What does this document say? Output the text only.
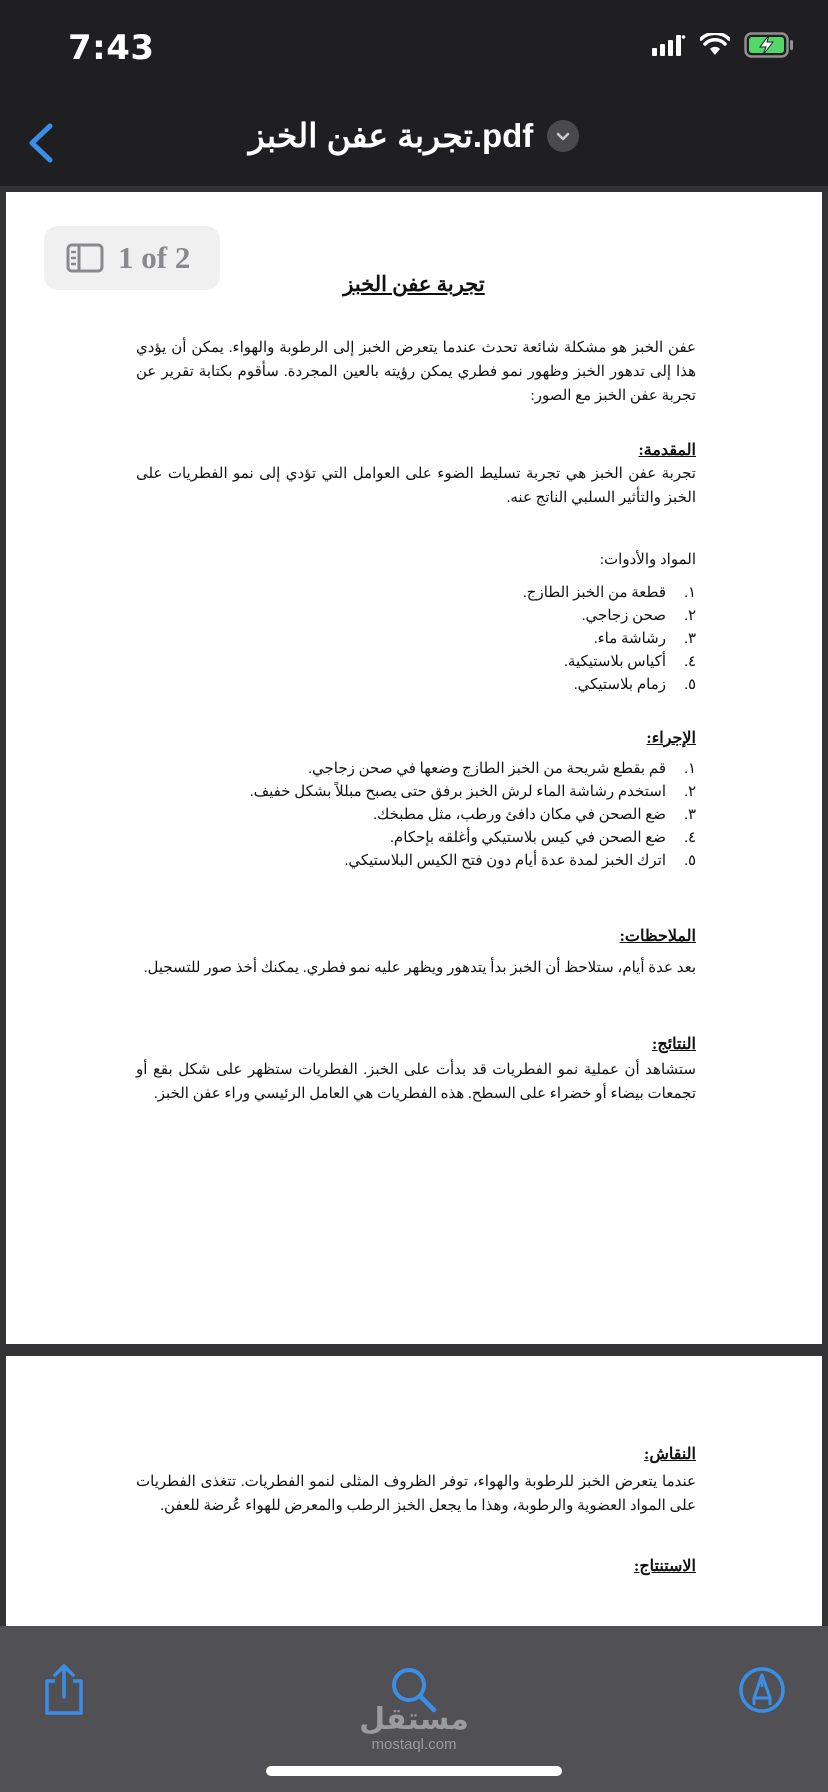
7:43
تجربة عفن الخبز.pdf
1 of 2
تجربة عفن الخبز
عفن الخبز هو مشكلة شائعة تحدث عندما يتعرض الخبز إلى الرطوبة والهواء. يمكن أن يؤدي هذا إلى تدهور الخبز وظهور نمو فطري يمكن رؤيته بالعين المجردة. سأقوم بكتابة تقرير عن تجربة عفن الخبز مع الصور:
المقدمة:
تجربة عفن الخبز هي تجربة تسليط الضوء على العوامل التي تؤدي إلى نمو الفطريات على الخبز والتأثير السلبي الناتج عنه.
المواد والأدوات:
١.
قطعة من الخبز الطازج.
٢.
صحن زجاجي.
٣.
رشاشة ماء.
٤.
أكياس بلاستيكية.
٥.
زمام بلاستيكي.
الإجراء:
١.
قم بقطع شريحة من الخبز الطازج وضعها في صحن زجاجي.
٢.
استخدم رشاشة الماء لرش الخبز برفق حتى يصبح مبللاً بشكل خفيف.
٣.
ضع الصحن في مكان دافئ ورطب، مثل مطبخك.
٤.
ضع الصحن في كيس بلاستيكي وأغلقه بإحكام.
٥.
اترك الخبز لمدة عدة أيام دون فتح الكيس البلاستيكي.
الملاحظات:
بعد عدة أيام، ستلاحظ أن الخبز بدأ يتدهور ويظهر عليه نمو فطري. يمكنك أخذ صور للتسجيل.
النتائج:
ستشاهد أن عملية نمو الفطريات قد بدأت على الخبز. الفطريات ستظهر على شكل بقع أو تجمعات بيضاء أو خضراء على السطح. هذه الفطريات هي العامل الرئيسي وراء عفن الخبز.
النقاش:
عندما يتعرض الخبز للرطوبة والهواء، توفر الظروف المثلى لنمو الفطريات. تتغذى الفطريات على المواد العضوية والرطوبة، وهذا ما يجعل الخبز الرطب والمعرض للهواء عُرضة للعفن.
الاستنتاج:
مستقل
mostaql.com
